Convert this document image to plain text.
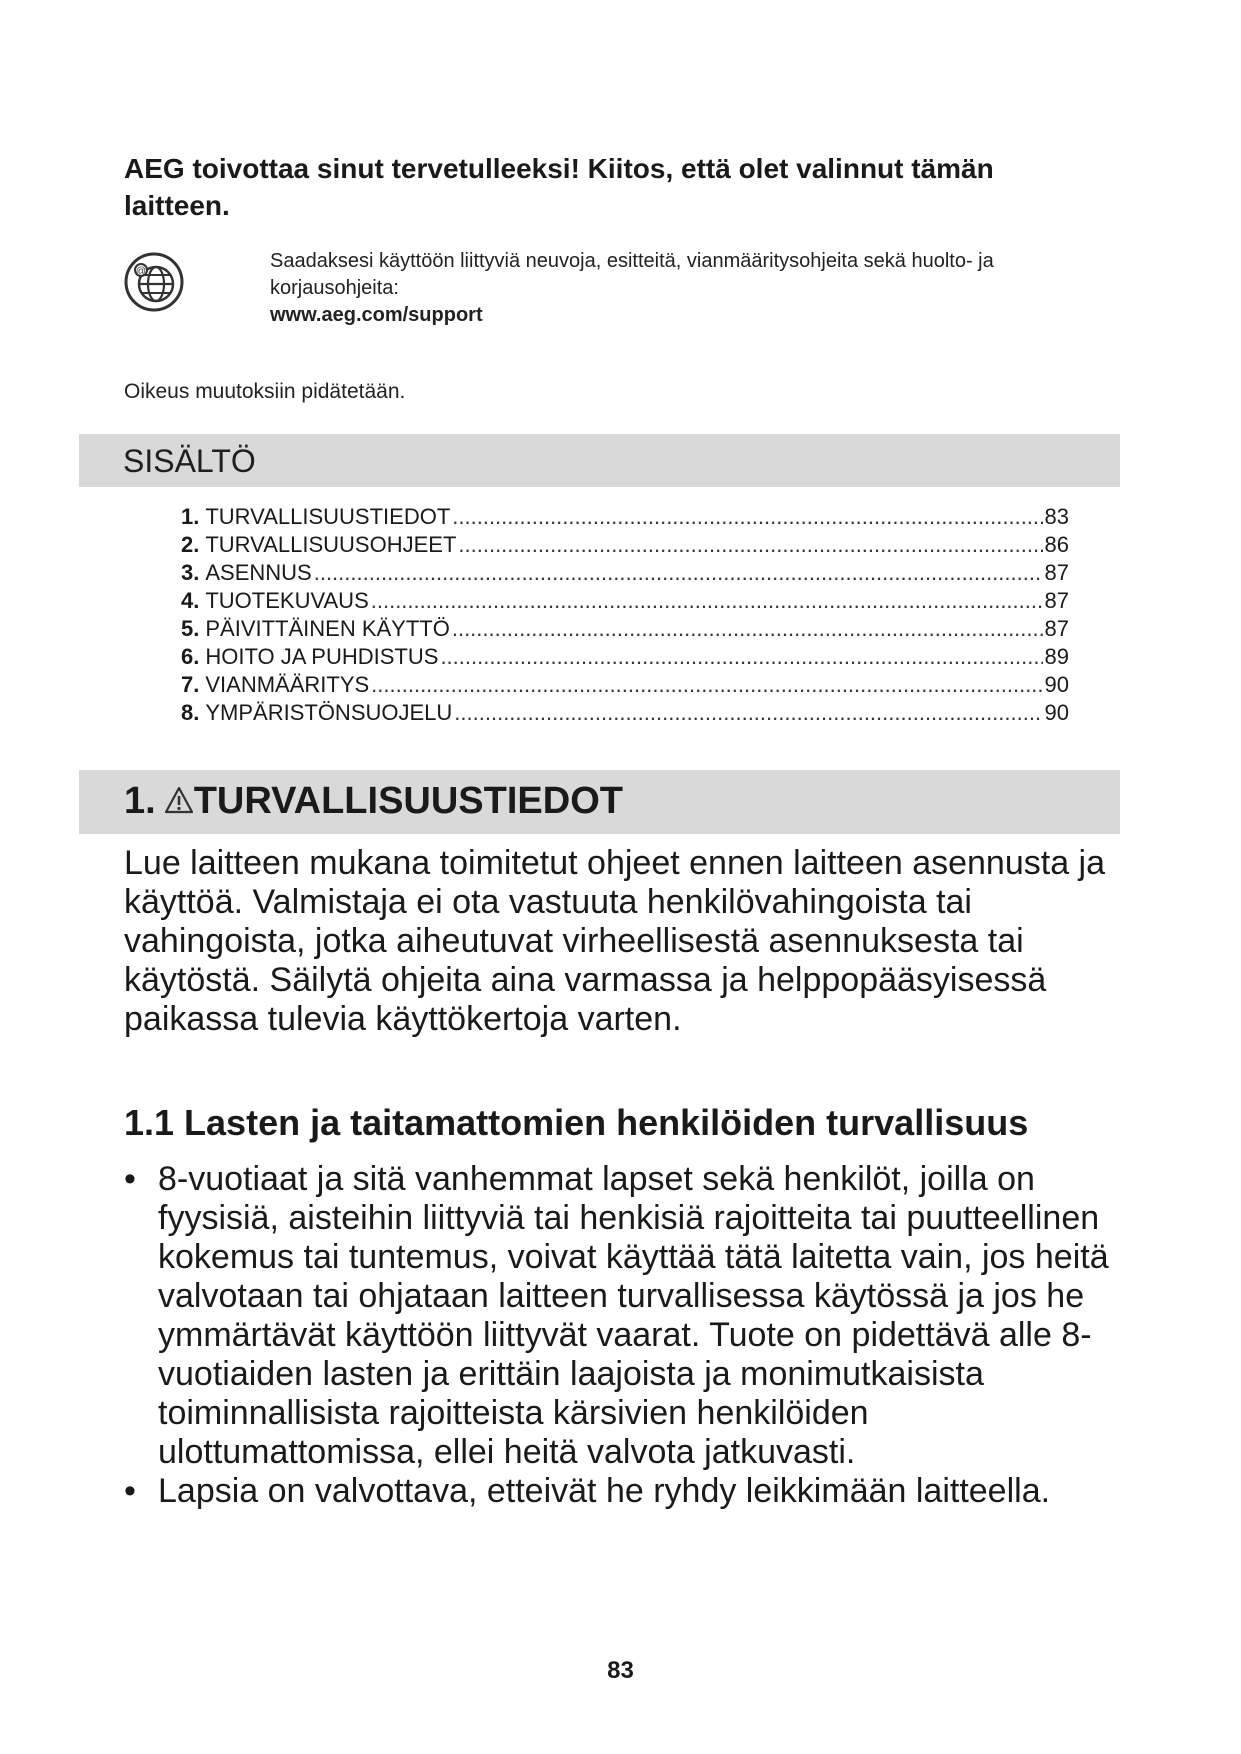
AEG toivottaa sinut tervetulleeksi! Kiitos, että olet valinnut tämän laitteen.
@	Saadaksesi käyttöön liittyviä neuvoja, esitteitä, vianmääritysohjeita sekä huolto- ja korjausohjeita:
www.aeg.com/support
Oikeus muutoksiin pidätetään.
SISÄLTÖ
1. TURVALLISUUSTIEDOT .....	83
2. TURVALLISUUSOHJEET .....	86
3. ASENNUS .....	87
4. TUOTEKUVAUS .....	87
5. PÄIVITTÄINEN KÄYTTÖ .....	87
6. HOITO JA PUHDISTUS .....	89
7. VIANMÄÄRITYS .....	90
8. YMPÄRISTÖNSUOJELU .....	90
1. TURVALLISUUSTIEDOT

Lue laitteen mukana toimitetut ohjeet ennen laitteen asennusta ja käyttöä. Valmistaja ei ota vastuuta henkilövahingoista tai vahingoista, jotka aiheutuvat virheellisestä asennuksesta tai käytöstä. Säilytä ohjeita aina varmassa ja helppopääsyisessä paikassa tulevia käyttökertoja varten.

1.1 Lasten ja taitamattomien henkilöiden turvallisuus
• 8-vuotiaat ja sitä vanhemmat lapset sekä henkilöt, joilla on fyysisiä, aisteihin liittyviä tai henkisiä rajoitteita tai puutteellinen kokemus tai tuntemus, voivat käyttää tätä laitetta vain, jos heitä valvotaan tai ohjataan laitteen turvallisessa käytössä ja jos he ymmärtävät käyttöön liittyvät vaarat. Tuote on pidettävä alle 8-vuotiaiden lasten ja erittäin laajoista ja monimutkaisista toiminnallisista rajoitteista kärsivien henkilöiden ulottumattomissa, ellei heitä valvota jatkuvasti.
• Lapsia on valvottava, etteivät he ryhdy leikkimään laitteella.
83
